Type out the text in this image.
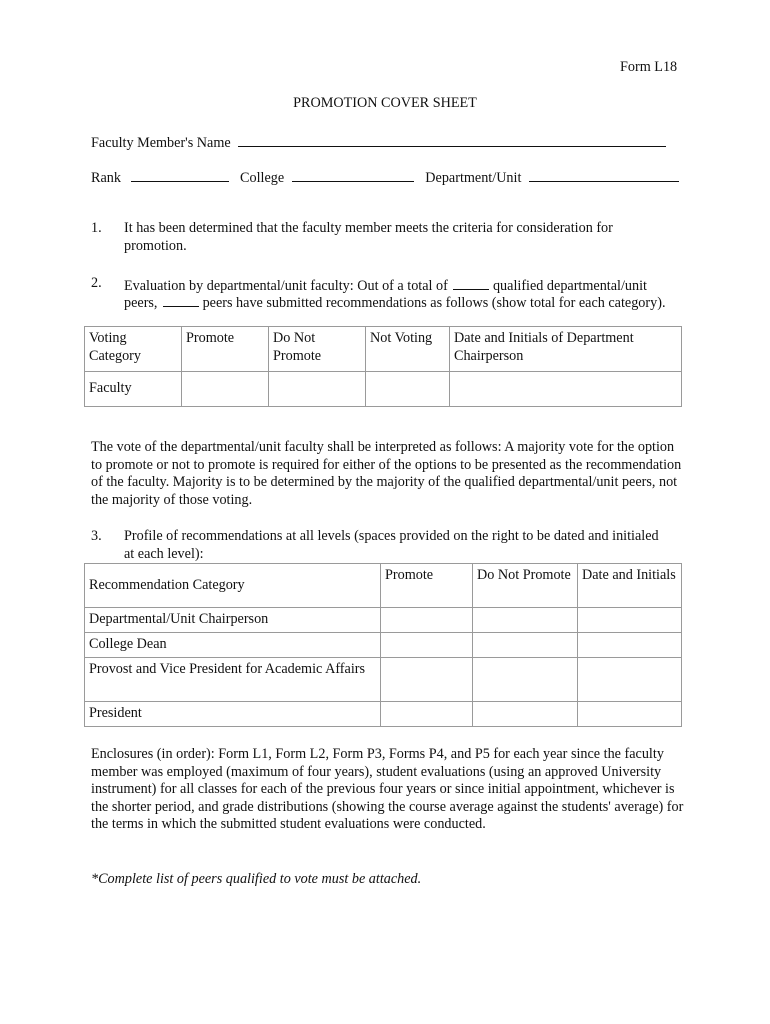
Form L18
PROMOTION COVER SHEET
Faculty Member's Name
Rank	College	Department/Unit
1. It has been determined that the faculty member meets the criteria for consideration for promotion.
2. Evaluation by departmental/unit faculty: Out of a total of	qualified departmental/unit
peers,	peers have submitted recommendations as follows (show total for each category).
Voting Category	Promote	Do Not Promote	Not Voting	Date and Initials of Department Chairperson
Faculty				
The vote of the departmental/unit faculty shall be interpreted as follows: A majority vote for the option to promote or not to promote is required for either of the options to be presented as the recommendation of the faculty. Majority is to be determined by the majority of the qualified departmental/unit peers, not the majority of those voting.
3. Profile of recommendations at all levels (spaces provided on the right to be dated and initialed at each level):
Recommendation Category	Promote	Do Not Promote	Date and Initials
Departmental/Unit Chairperson			
College Dean			
Provost and Vice President for Academic Affairs			
President			
Enclosures (in order): Form L1, Form L2, Form P3, Forms P4, and P5 for each year since the faculty member was employed (maximum of four years), student evaluations (using an approved University instrument) for all classes for each of the previous four years or since initial appointment, whichever is the shorter period, and grade distributions (showing the course average against the students' average) for the terms in which the submitted student evaluations were conducted.
*Complete list of peers qualified to vote must be attached.
